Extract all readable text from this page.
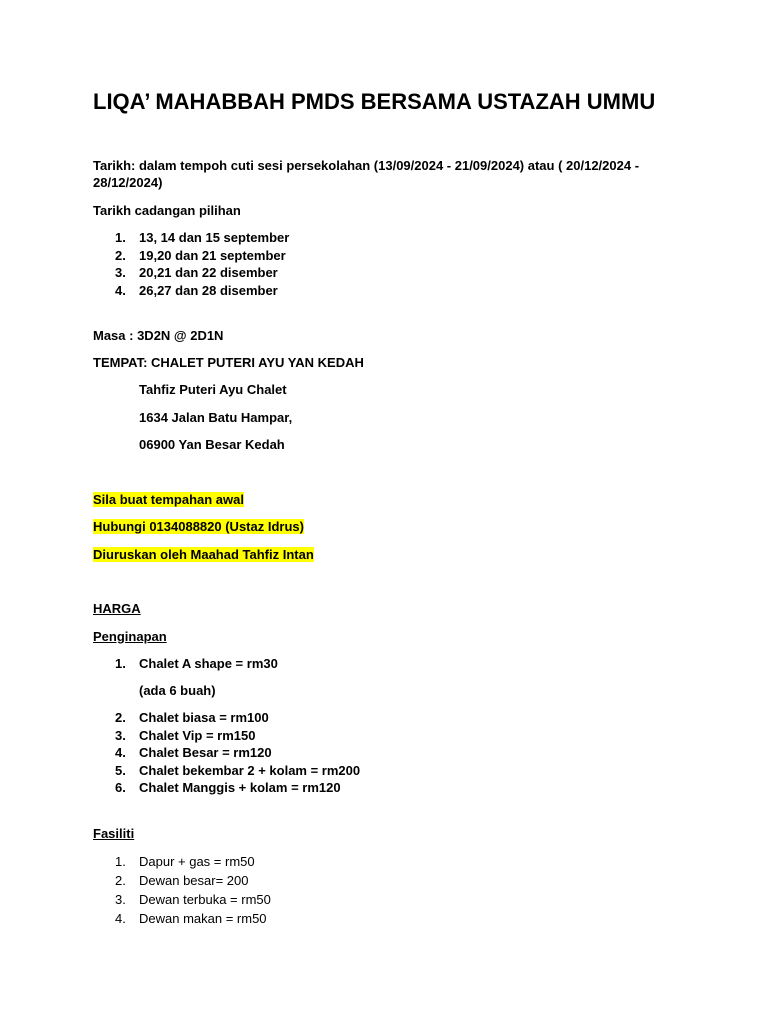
LIQA’ MAHABBAH PMDS BERSAMA USTAZAH UMMU

Tarikh: dalam tempoh cuti sesi persekolahan (13/09/2024 - 21/09/2024) atau ( 20/12/2024 -
28/12/2024)

Tarikh cadangan pilihan

1. 13, 14 dan 15 september
2. 19,20 dan 21 september
3. 20,21 dan 22 disember
4. 26,27 dan 28 disember

Masa : 3D2N @ 2D1N

TEMPAT: CHALET PUTERI AYU YAN KEDAH

Tahfiz Puteri Ayu Chalet

1634 Jalan Batu Hampar,

06900 Yan Besar Kedah

Sila buat tempahan awal

Hubungi 0134088820 (Ustaz Idrus)

Diuruskan oleh Maahad Tahfiz Intan

HARGA

Penginapan

1. Chalet A shape = rm30

(ada 6 buah)

2. Chalet biasa = rm100
3. Chalet Vip = rm150
4. Chalet Besar = rm120
5. Chalet bekembar 2 + kolam = rm200
6. Chalet Manggis + kolam = rm120

Fasiliti

1. Dapur + gas = rm50
2. Dewan besar= 200
3. Dewan terbuka = rm50
4. Dewan makan = rm50
